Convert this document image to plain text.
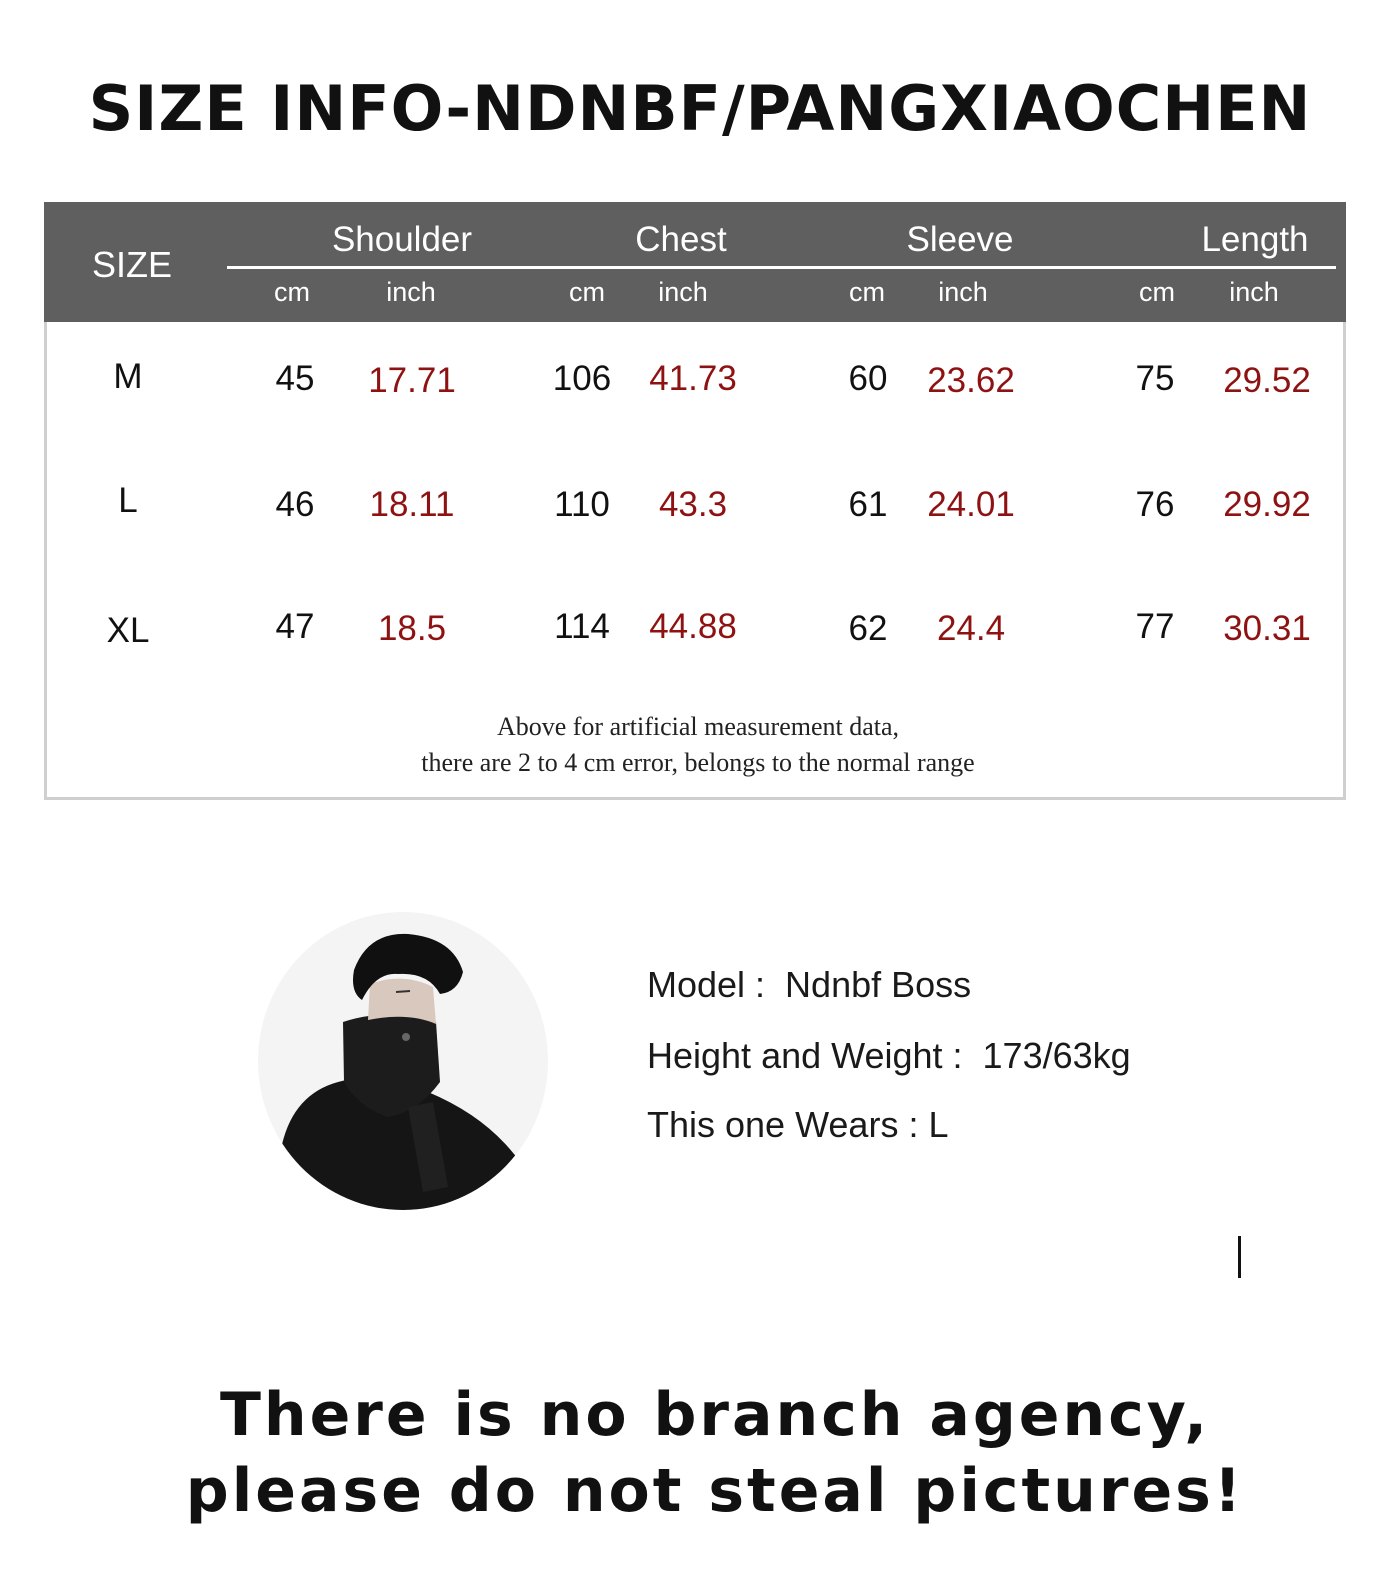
SIZE INFO-NDNBF/PANGXIAOCHEN
SIZE
Shoulder	Chest	Sleeve	Length
cm	inch	cm	inch	cm	inch	cm	inch
M	45	17.71	106	41.73	60	23.62	75	29.52
L	46	18.11	110	43.3	61	24.01	76	29.92
XL	47	18.5	114	44.88	62	24.4	77	30.31
Above for artificial measurement data,
there are 2 to 4 cm error, belongs to the normal range
Model :  Ndnbf Boss
Height and Weight :  173/63kg
This one Wears : L
There is no branch agency,
please do not steal pictures!
